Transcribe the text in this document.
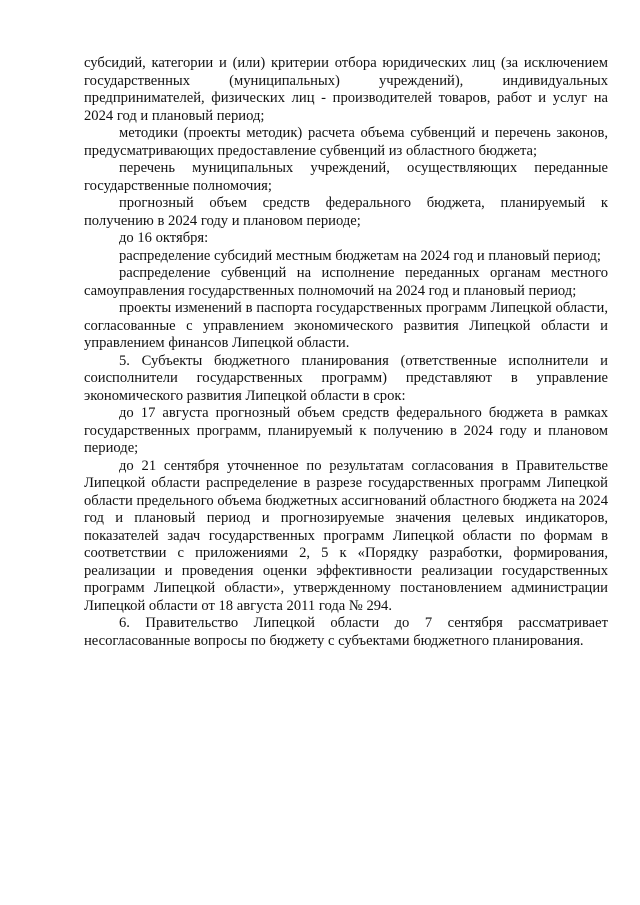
субсидий, категории и (или) критерии отбора юридических лиц (за исключением государственных (муниципальных) учреждений), индивидуальных предпринимателей, физических лиц - производителей товаров, работ и услуг на 2024 год и плановый период;

методики (проекты методик) расчета объема субвенций и перечень законов, предусматривающих предоставление субвенций из областного бюджета;

перечень муниципальных учреждений, осуществляющих переданные государственные полномочия;

прогнозный объем средств федерального бюджета, планируемый к получению в 2024 году и плановом периоде;

до 16 октября:

распределение субсидий местным бюджетам на 2024 год и плановый период;

распределение субвенций на исполнение переданных органам местного самоуправления государственных полномочий на 2024 год и плановый период;

проекты изменений в паспорта государственных программ Липецкой области, согласованные с управлением экономического развития Липецкой области и управлением финансов Липецкой области.

5. Субъекты бюджетного планирования (ответственные исполнители и соисполнители государственных программ) представляют в управление экономического развития Липецкой области в срок:

до 17 августа прогнозный объем средств федерального бюджета в рамках государственных программ, планируемый к получению в 2024 году и плановом периоде;

до 21 сентября уточненное по результатам согласования в Правительстве Липецкой области распределение в разрезе государственных программ Липецкой области предельного объема бюджетных ассигнований областного бюджета на 2024 год и плановый период и прогнозируемые значения целевых индикаторов, показателей задач государственных программ Липецкой области по формам в соответствии с приложениями 2, 5 к «Порядку разработки, формирования, реализации и проведения оценки эффективности реализации государственных программ Липецкой области», утвержденному постановлением администрации Липецкой области от 18 августа 2011 года № 294.

6. Правительство Липецкой области до 7 сентября рассматривает несогласованные вопросы по бюджету с субъектами бюджетного планирования.
